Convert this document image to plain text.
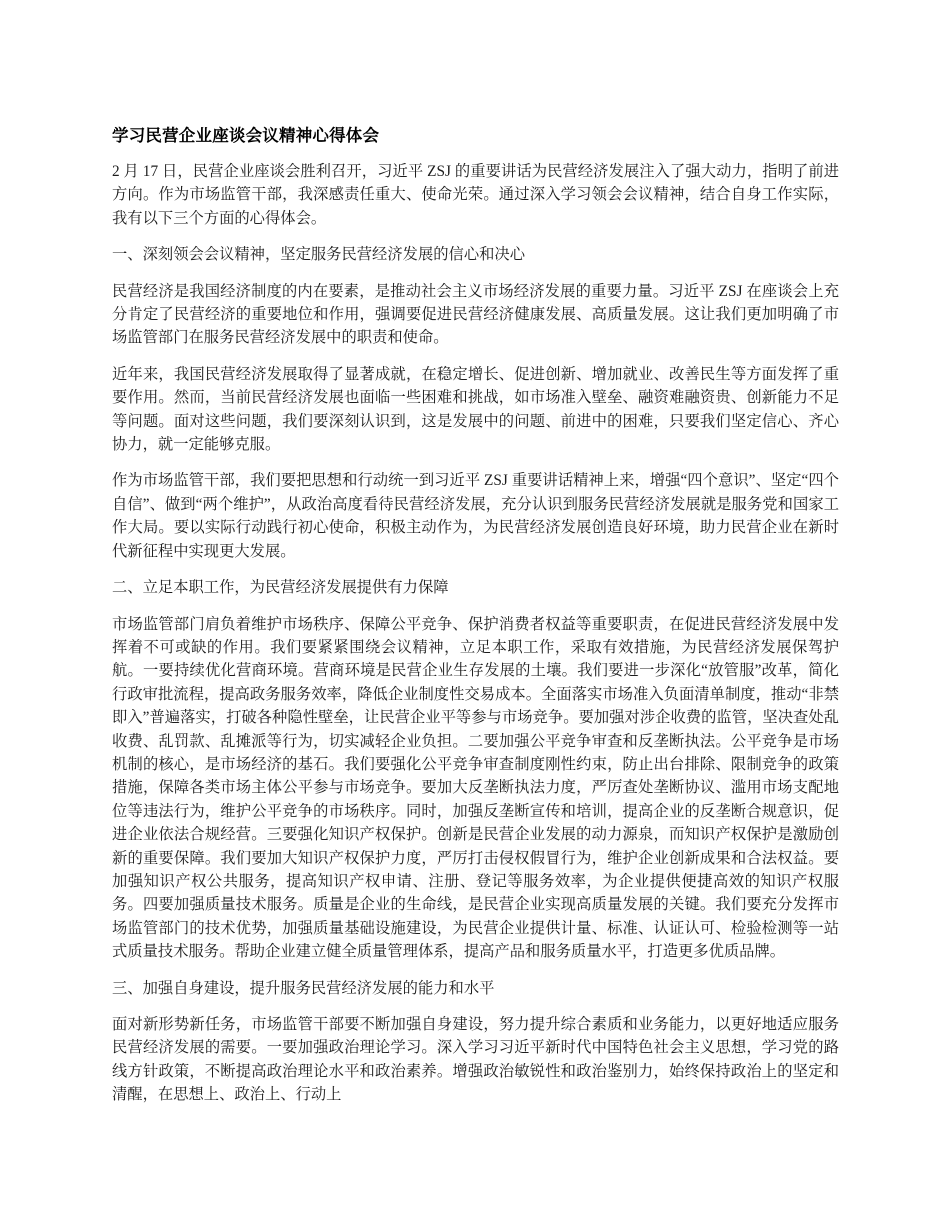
学习民营企业座谈会议精神心得体会

2 月 17 日，民营企业座谈会胜利召开，习近平 ZSJ 的重要讲话为民营经济发展注入了强大动力，指明了前进方向。作为市场监管干部，我深感责任重大、使命光荣。通过深入学习领会会议精神，结合自身工作实际，我有以下三个方面的心得体会。

一、深刻领会会议精神，坚定服务民营经济发展的信心和决心

民营经济是我国经济制度的内在要素，是推动社会主义市场经济发展的重要力量。习近平 ZSJ 在座谈会上充分肯定了民营经济的重要地位和作用，强调要促进民营经济健康发展、高质量发展。这让我们更加明确了市场监管部门在服务民营经济发展中的职责和使命。

近年来，我国民营经济发展取得了显著成就，在稳定增长、促进创新、增加就业、改善民生等方面发挥了重要作用。然而，当前民营经济发展也面临一些困难和挑战，如市场准入壁垒、融资难融资贵、创新能力不足等问题。面对这些问题，我们要深刻认识到，这是发展中的问题、前进中的困难，只要我们坚定信心、齐心协力，就一定能够克服。

作为市场监管干部，我们要把思想和行动统一到习近平 ZSJ 重要讲话精神上来，增强“四个意识”、坚定“四个自信”、做到“两个维护”，从政治高度看待民营经济发展，充分认识到服务民营经济发展就是服务党和国家工作大局。要以实际行动践行初心使命，积极主动作为，为民营经济发展创造良好环境，助力民营企业在新时代新征程中实现更大发展。

二、立足本职工作，为民营经济发展提供有力保障

市场监管部门肩负着维护市场秩序、保障公平竞争、保护消费者权益等重要职责，在促进民营经济发展中发挥着不可或缺的作用。我们要紧紧围绕会议精神，立足本职工作，采取有效措施，为民营经济发展保驾护航。一要持续优化营商环境。营商环境是民营企业生存发展的土壤。我们要进一步深化“放管服”改革，简化行政审批流程，提高政务服务效率，降低企业制度性交易成本。全面落实市场准入负面清单制度，推动“非禁即入”普遍落实，打破各种隐性壁垒，让民营企业平等参与市场竞争。要加强对涉企收费的监管，坚决查处乱收费、乱罚款、乱摊派等行为，切实减轻企业负担。二要加强公平竞争审查和反垄断执法。公平竞争是市场机制的核心，是市场经济的基石。我们要强化公平竞争审查制度刚性约束，防止出台排除、限制竞争的政策措施，保障各类市场主体公平参与市场竞争。要加大反垄断执法力度，严厉查处垄断协议、滥用市场支配地位等违法行为，维护公平竞争的市场秩序。同时，加强反垄断宣传和培训，提高企业的反垄断合规意识，促进企业依法合规经营。三要强化知识产权保护。创新是民营企业发展的动力源泉，而知识产权保护是激励创新的重要保障。我们要加大知识产权保护力度，严厉打击侵权假冒行为，维护企业创新成果和合法权益。要加强知识产权公共服务，提高知识产权申请、注册、登记等服务效率，为企业提供便捷高效的知识产权服务。四要加强质量技术服务。质量是企业的生命线，是民营企业实现高质量发展的关键。我们要充分发挥市场监管部门的技术优势，加强质量基础设施建设，为民营企业提供计量、标准、认证认可、检验检测等一站式质量技术服务。帮助企业建立健全质量管理体系，提高产品和服务质量水平，打造更多优质品牌。

三、加强自身建设，提升服务民营经济发展的能力和水平

面对新形势新任务，市场监管干部要不断加强自身建设，努力提升综合素质和业务能力，以更好地适应服务民营经济发展的需要。一要加强政治理论学习。深入学习习近平新时代中国特色社会主义思想，学习党的路线方针政策，不断提高政治理论水平和政治素养。增强政治敏锐性和政治鉴别力，始终保持政治上的坚定和清醒，在思想上、政治上、行动上
